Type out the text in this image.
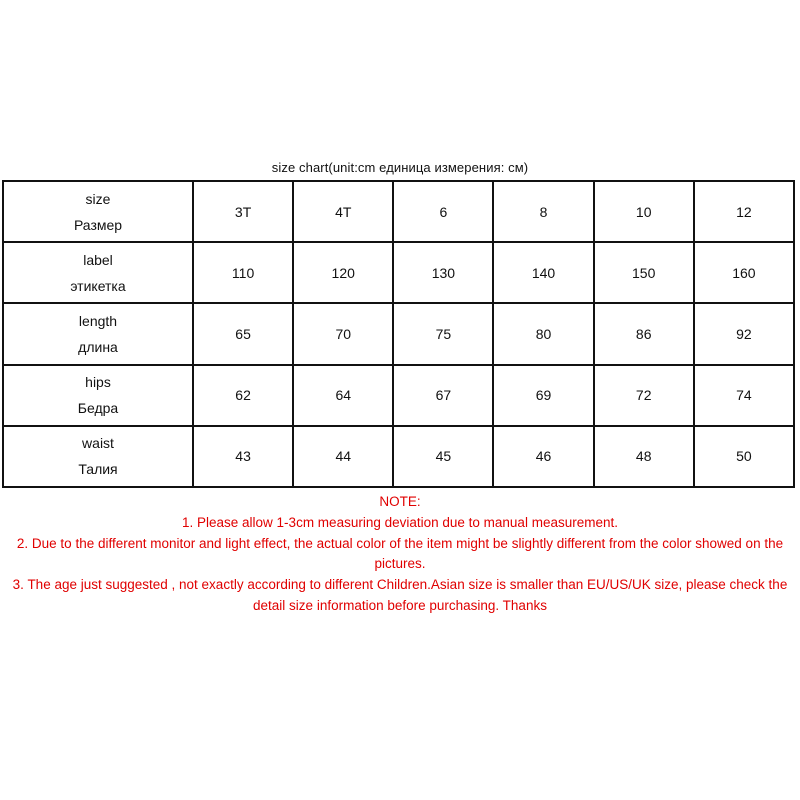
size chart(unit:cm единица измерения: см)
size
Размер	3T	4T	6	8	10	12

label
этикетка	110	120	130	140	150	160

length
длина	65	70	75	80	86	92

hips
Бедра	62	64	67	69	72	74

waist
Талия	43	44	45	46	48	50
NOTE:
1. Please allow 1-3cm measuring deviation due to manual measurement.
2. Due to the different monitor and light effect, the actual color of the item might be slightly different from the color showed on the pictures.
3. The age just suggested , not exactly according to different Children.Asian size is smaller than EU/US/UK size, please check the detail size information before purchasing. Thanks
